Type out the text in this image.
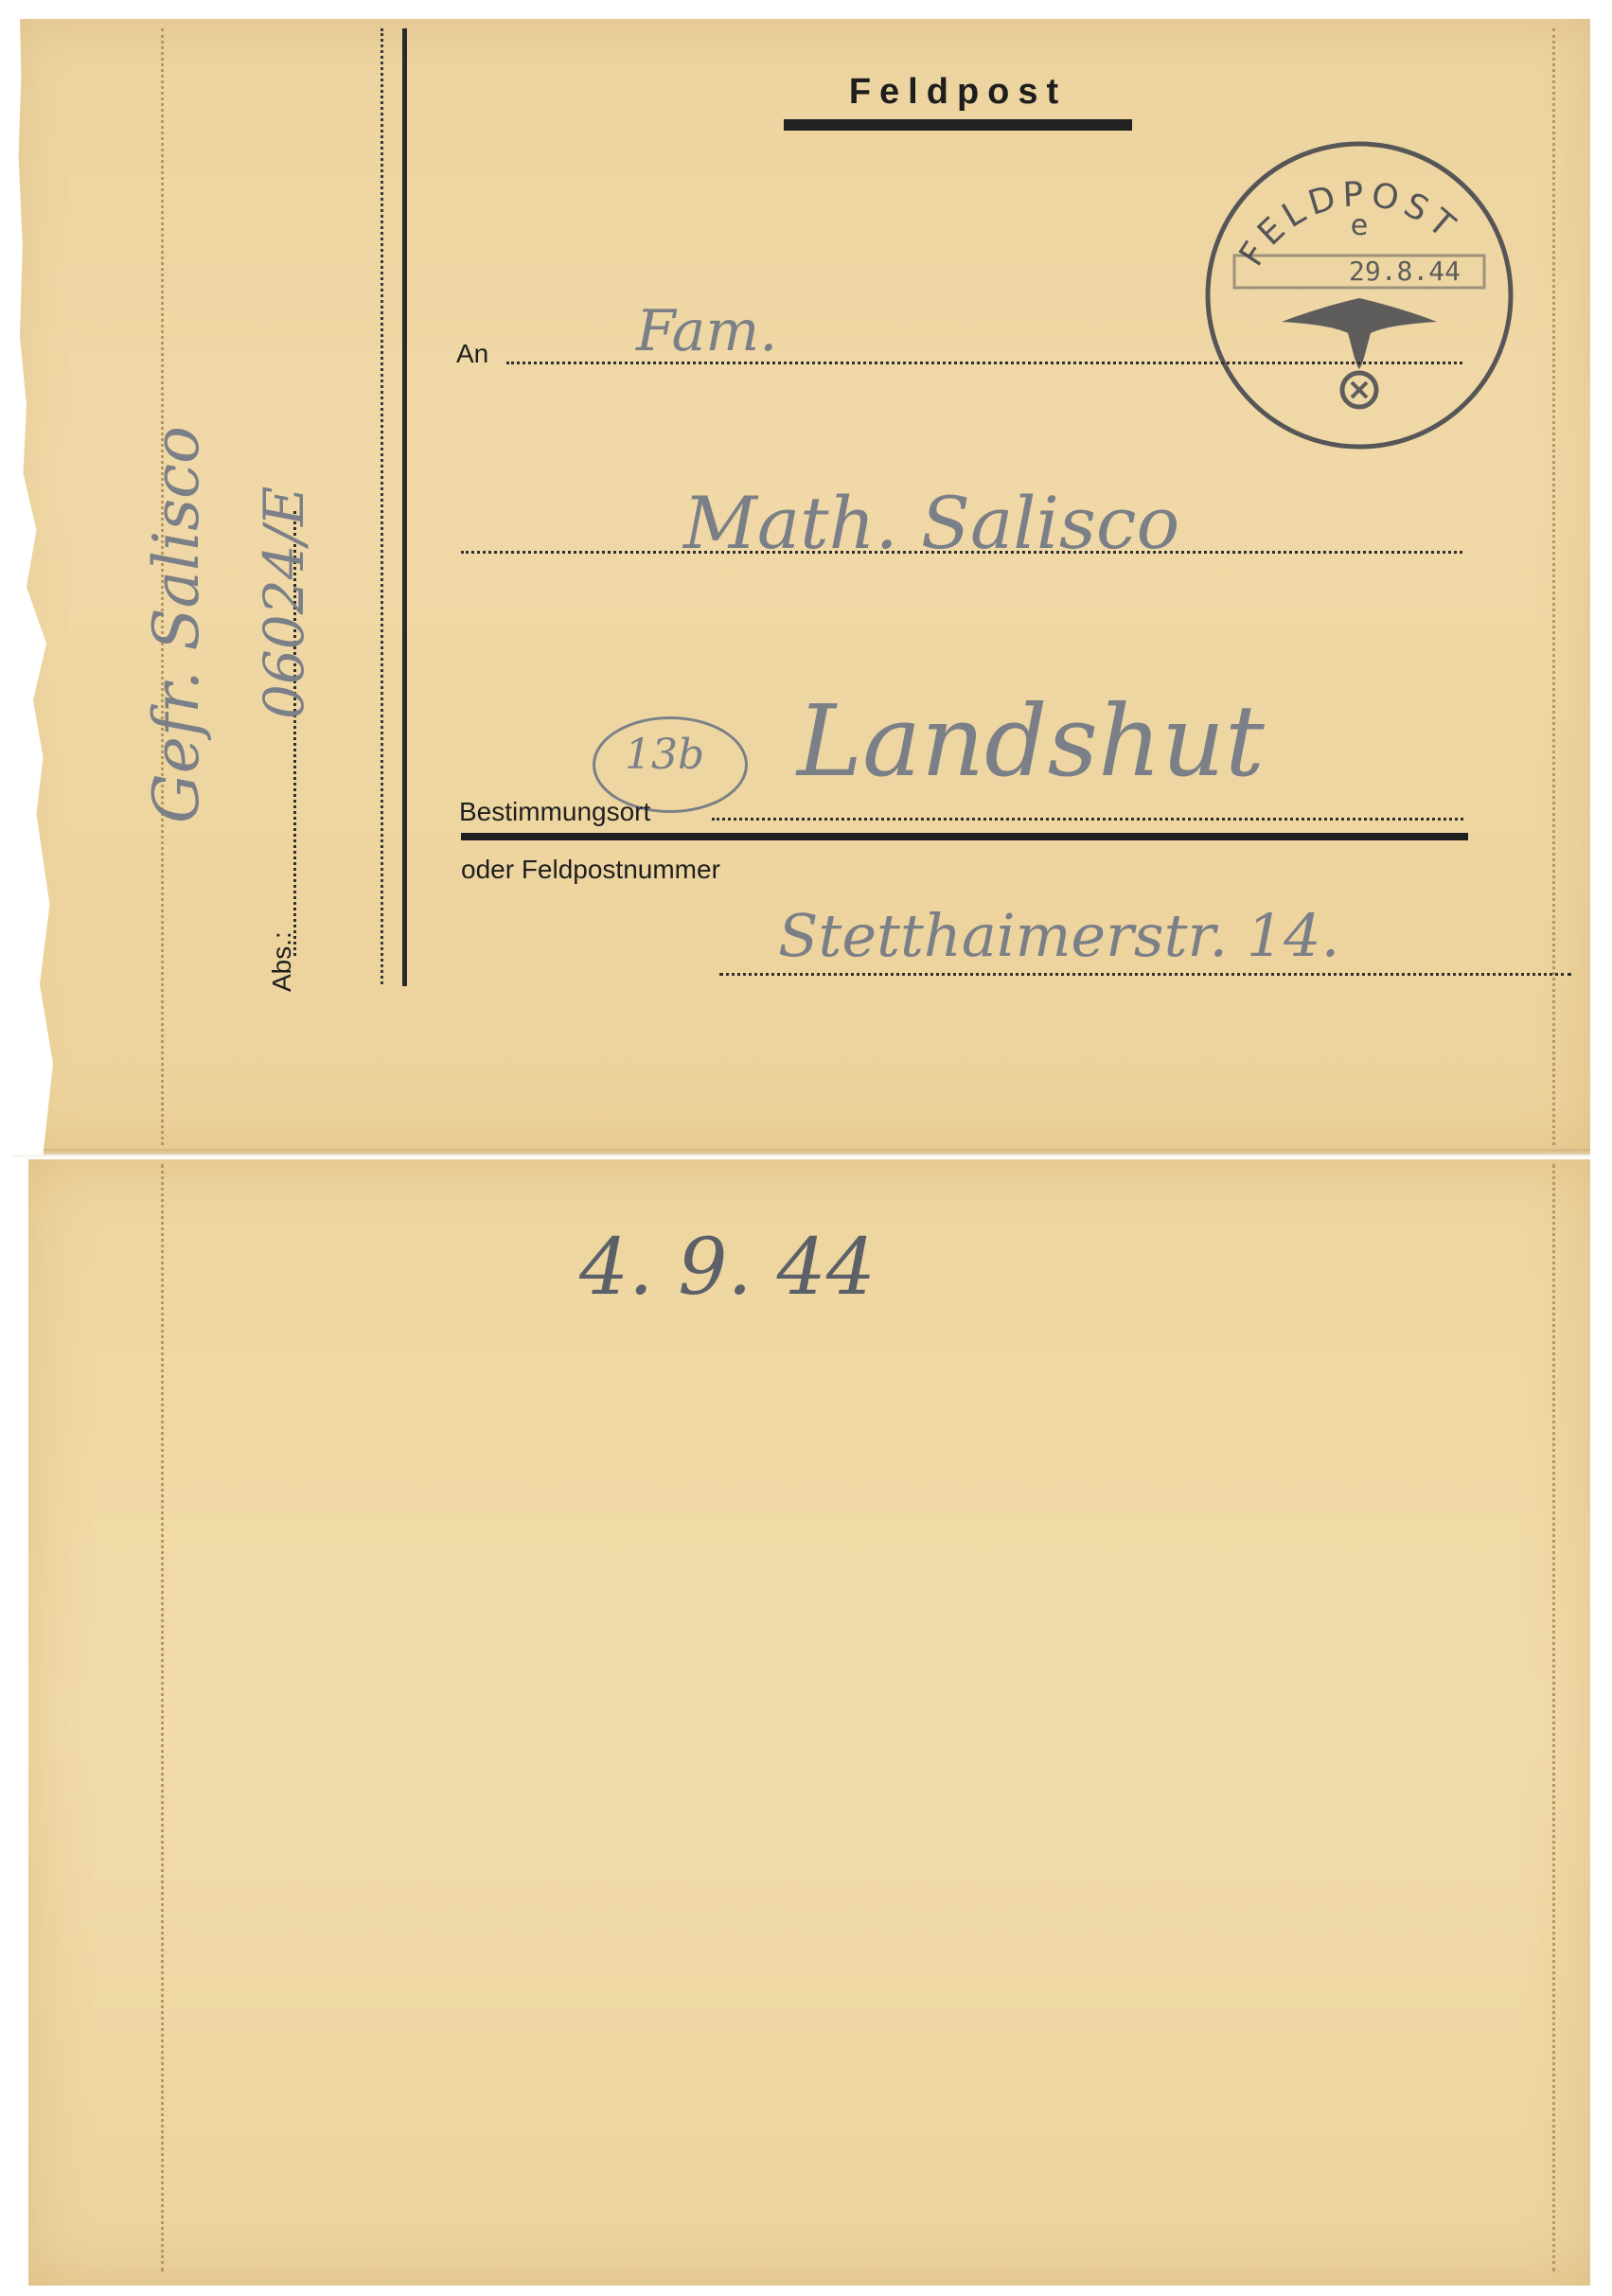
Feldpost
FELDPOST
e
29.8.44
An	Fam.
Math. Salisco
13b Landshut
Bestimmungsort
oder Feldpostnummer
Stetthaimerstr. 14.
Abs.:
Gefr. Salisco 06024/E
4. 9. 44
